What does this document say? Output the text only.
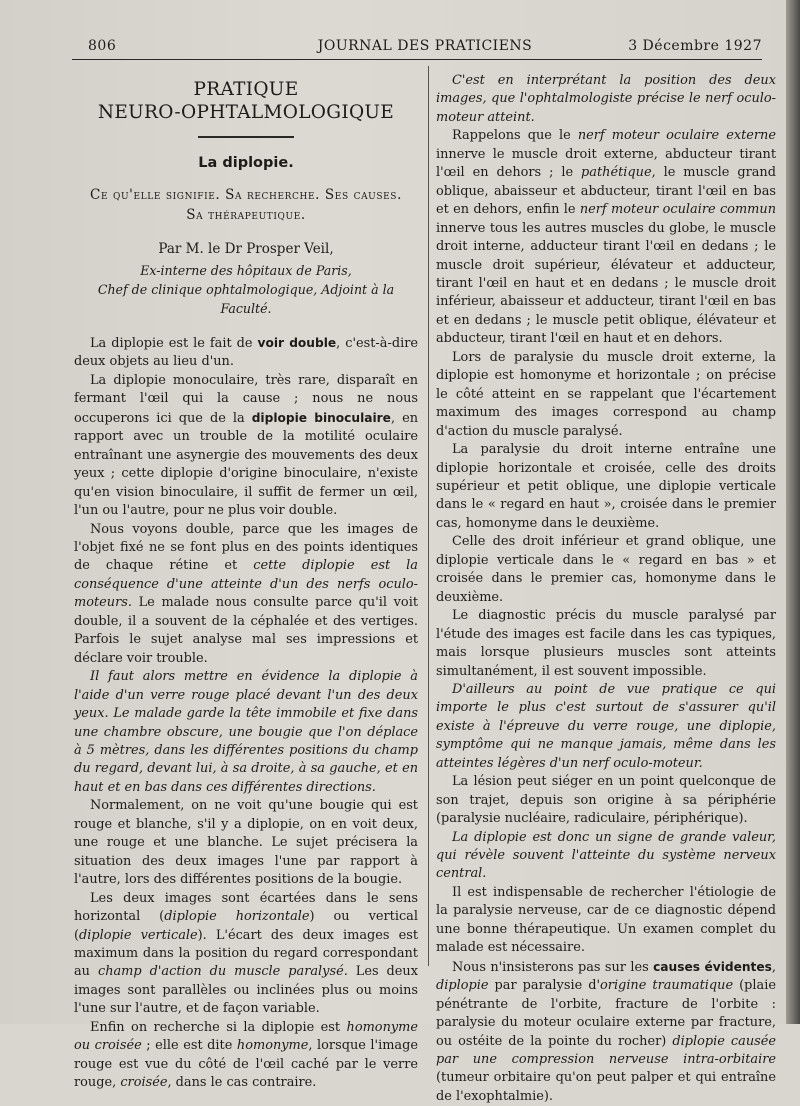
806	JOURNAL DES PRATICIENS	3 Décembre 1927
PRATIQUE
NEURO-OPHTALMOLOGIQUE
La diplopie.
Ce qu'elle signifie. Sa recherche. Ses causes.
Sa thérapeutique.
Par M. le Dr Prosper Veil,
Ex-interne des hôpitaux de Paris,
Chef de clinique ophtalmologique, Adjoint à la Faculté.

La diplopie est le fait de voir double, c'est-à-dire deux objets au lieu d'un.

La diplopie monoculaire, très rare, disparaît en fermant l'œil qui la cause ; nous ne nous occuperons ici que de la diplopie binoculaire, en rapport avec un trouble de la motilité oculaire entraînant une asynergie des mouvements des deux yeux ; cette diplopie d'origine binoculaire, n'existe qu'en vision binoculaire, il suffit de fermer un œil, l'un ou l'autre, pour ne plus voir double.

Nous voyons double, parce que les images de l'objet fixé ne se font plus en des points identiques de chaque rétine et cette diplopie est la conséquence d'une atteinte d'un des nerfs oculo-moteurs. Le malade nous consulte parce qu'il voit double, il a souvent de la céphalée et des vertiges. Parfois le sujet analyse mal ses impressions et déclare voir trouble.

Il faut alors mettre en évidence la diplopie à l'aide d'un verre rouge placé devant l'un des deux yeux. Le malade garde la tête immobile et fixe dans une chambre obscure, une bougie que l'on déplace à 5 mètres, dans les différentes positions du champ du regard, devant lui, à sa droite, à sa gauche, et en haut et en bas dans ces différentes directions.

Normalement, on ne voit qu'une bougie qui est rouge et blanche, s'il y a diplopie, on en voit deux, une rouge et une blanche. Le sujet précisera la situation des deux images l'une par rapport à l'autre, lors des différentes positions de la bougie.

Les deux images sont écartées dans le sens horizontal (diplopie horizontale) ou vertical (diplopie verticale). L'écart des deux images est maximum dans la position du regard correspondant au champ d'action du muscle paralysé. Les deux images sont parallèles ou inclinées plus ou moins l'une sur l'autre, et de façon variable.

Enfin on recherche si la diplopie est homonyme ou croisée ; elle est dite homonyme, lorsque l'image rouge est vue du côté de l'œil caché par le verre rouge, croisée, dans le cas contraire.

C'est en interprétant la position des deux images, que l'ophtalmologiste précise le nerf oculo-moteur atteint.

Rappelons que le nerf moteur oculaire externe innerve le muscle droit externe, abducteur tirant l'œil en dehors ; le pathétique, le muscle grand oblique, abaisseur et abducteur, tirant l'œil en bas et en dehors, enfin le nerf moteur oculaire commun innerve tous les autres muscles du globe, le muscle droit interne, adducteur tirant l'œil en dedans ; le muscle droit supérieur, élévateur et adducteur, tirant l'œil en haut et en dedans ; le muscle droit inférieur, abaisseur et adducteur, tirant l'œil en bas et en dedans ; le muscle petit oblique, élévateur et abducteur, tirant l'œil en haut et en dehors.

Lors de paralysie du muscle droit externe, la diplopie est homonyme et horizontale ; on précise le côté atteint en se rappelant que l'écartement maximum des images correspond au champ d'action du muscle paralysé.

La paralysie du droit interne entraîne une diplopie horizontale et croisée, celle des droits supérieur et petit oblique, une diplopie verticale dans le « regard en haut », croisée dans le premier cas, homonyme dans le deuxième.

Celle des droit inférieur et grand oblique, une diplopie verticale dans le « regard en bas » et croisée dans le premier cas, homonyme dans le deuxième.

Le diagnostic précis du muscle paralysé par l'étude des images est facile dans les cas typiques, mais lorsque plusieurs muscles sont atteints simultanément, il est souvent impossible.

D'ailleurs au point de vue pratique ce qui importe le plus c'est surtout de s'assurer qu'il existe à l'épreuve du verre rouge, une diplopie, symptôme qui ne manque jamais, même dans les atteintes légères d'un nerf oculo-moteur.

La lésion peut siéger en un point quelconque de son trajet, depuis son origine à sa périphérie (paralysie nucléaire, radiculaire, périphérique).

La diplopie est donc un signe de grande valeur, qui révèle souvent l'atteinte du système nerveux central.

Il est indispensable de rechercher l'étiologie de la paralysie nerveuse, car de ce diagnostic dépend une bonne thérapeutique. Un examen complet du malade est nécessaire.

Nous n'insisterons pas sur les causes évidentes, diplopie par paralysie d'origine traumatique (plaie pénétrante de l'orbite, fracture de l'orbite : paralysie du moteur oculaire externe par fracture, ou ostéite de la pointe du rocher) diplopie causée par une compression nerveuse intra-orbitaire (tumeur orbitaire qu'on peut palper et qui entraîne de l'exophtalmie).
